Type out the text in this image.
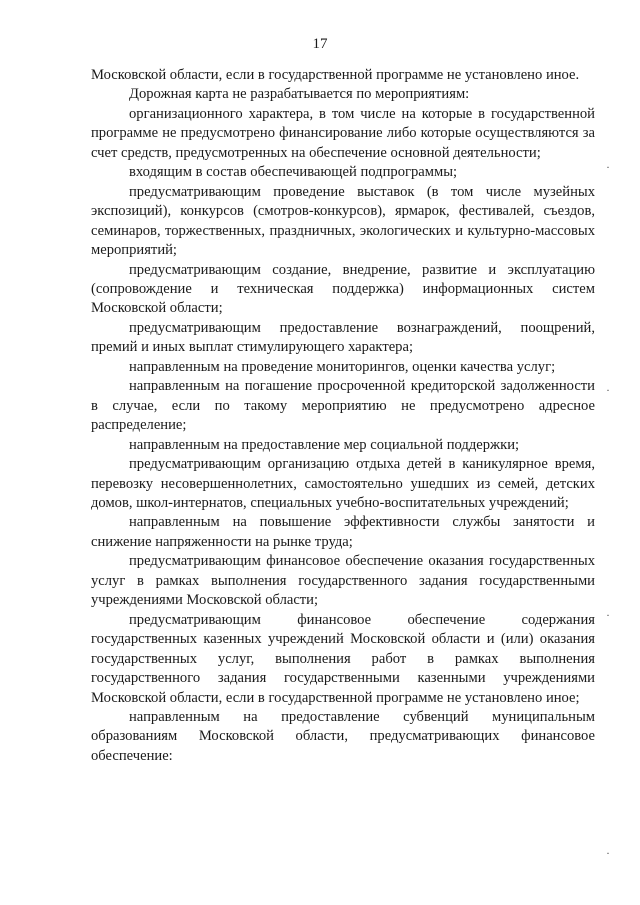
17

Московской области, если в государственной программе не установлено иное.

Дорожная карта не разрабатывается по мероприятиям:

организационного характера, в том числе на которые в государственной программе не предусмотрено финансирование либо которые осуществляются за счет средств, предусмотренных на обеспечение основной деятельности;

входящим в состав обеспечивающей подпрограммы;

предусматривающим проведение выставок (в том числе музейных экспозиций), конкурсов (смотров-конкурсов), ярмарок, фестивалей, съездов, семинаров, торжественных, праздничных, экологических и культурно-массовых мероприятий;

предусматривающим создание, внедрение, развитие и эксплуатацию (сопровождение и техническая поддержка) информационных систем Московской области;

предусматривающим предоставление вознаграждений, поощрений, премий и иных выплат стимулирующего характера;

направленным на проведение мониторингов, оценки качества услуг;

направленным на погашение просроченной кредиторской задолженности в случае, если по такому мероприятию не предусмотрено адресное распределение;

направленным на предоставление мер социальной поддержки;

предусматривающим организацию отдыха детей в каникулярное время, перевозку несовершеннолетних, самостоятельно ушедших из семей, детских домов, школ-интернатов, специальных учебно-воспитательных учреждений;

направленным на повышение эффективности службы занятости и снижение напряженности на рынке труда;

предусматривающим финансовое обеспечение оказания государственных услуг в рамках выполнения государственного задания государственными учреждениями Московской области;

предусматривающим финансовое обеспечение содержания государственных казенных учреждений Московской области и (или) оказания государственных услуг, выполнения работ в рамках выполнения государственного задания государственными казенными учреждениями Московской области, если в государственной программе не установлено иное;

направленным на предоставление субвенций муниципальным образованиям Московской области, предусматривающих финансовое обеспечение:

·
·
·
·
